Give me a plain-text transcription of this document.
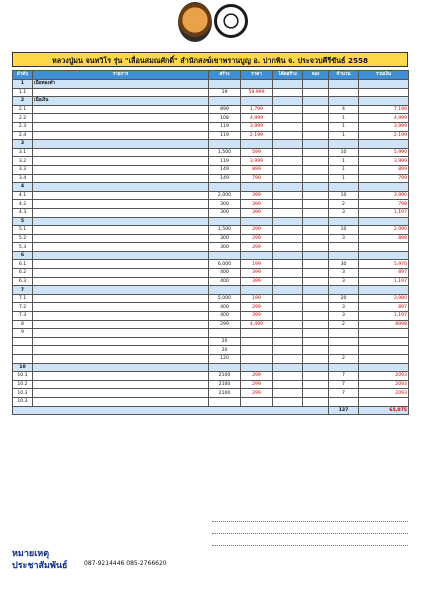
หลวงปู่มน จนทวิโร รุ่น "เลื่อนสมณศักดิ์" สำนักสงฆ์เขาพรานบูญ อ. ปากพิน จ. ประจวบคีรีขันธ์ 2558
ลำดับ	รายการ	สร้าง	ราคา	โค้ดสร้าง	จอง	จำนวน	รวมเงิน
1	เนื้อทองคำ						
1.1		19	59,999				
2	เนื้อเงิน						
2.1		899	1,799			4	7,196
2.2		108	4,999			1	4,999
2.3		119	3,999			1	3,999
2.4		119	2,199			1	2,199
3							
3.1		1,500	599			10	5,990
3.2		119	3,999			1	3,999
3.3		149	899			1	899
3.4		149	799			1	799
4							
4.1		2,000	399			10	3,990
4.2		300	399			2	798
4.3		300	399			3	1,197
5							
5.1		1,500	299			10	2,990
5.2		300	299			3	898
5.3		300	299				
6							
6.1		6,000	199			30	5,970
6.2		400	399			3	897
6.3		400	399			3	1,197
7							
7.1		5,000	199			20	3,980
7.2		400	299			3	897
7.3		400	399			3	1,197
8		299	4,499			2	8998
9							
		20					
		20					
		120				2	
10							
10.1		2100	299			7	2093
10.2		2100	299			7	2093
10.3		2100	299			7	2093
10.3							
						137	65,075
หมายเหตุ
ประชาสัมพันธ์	087-9214446 085-2766620
